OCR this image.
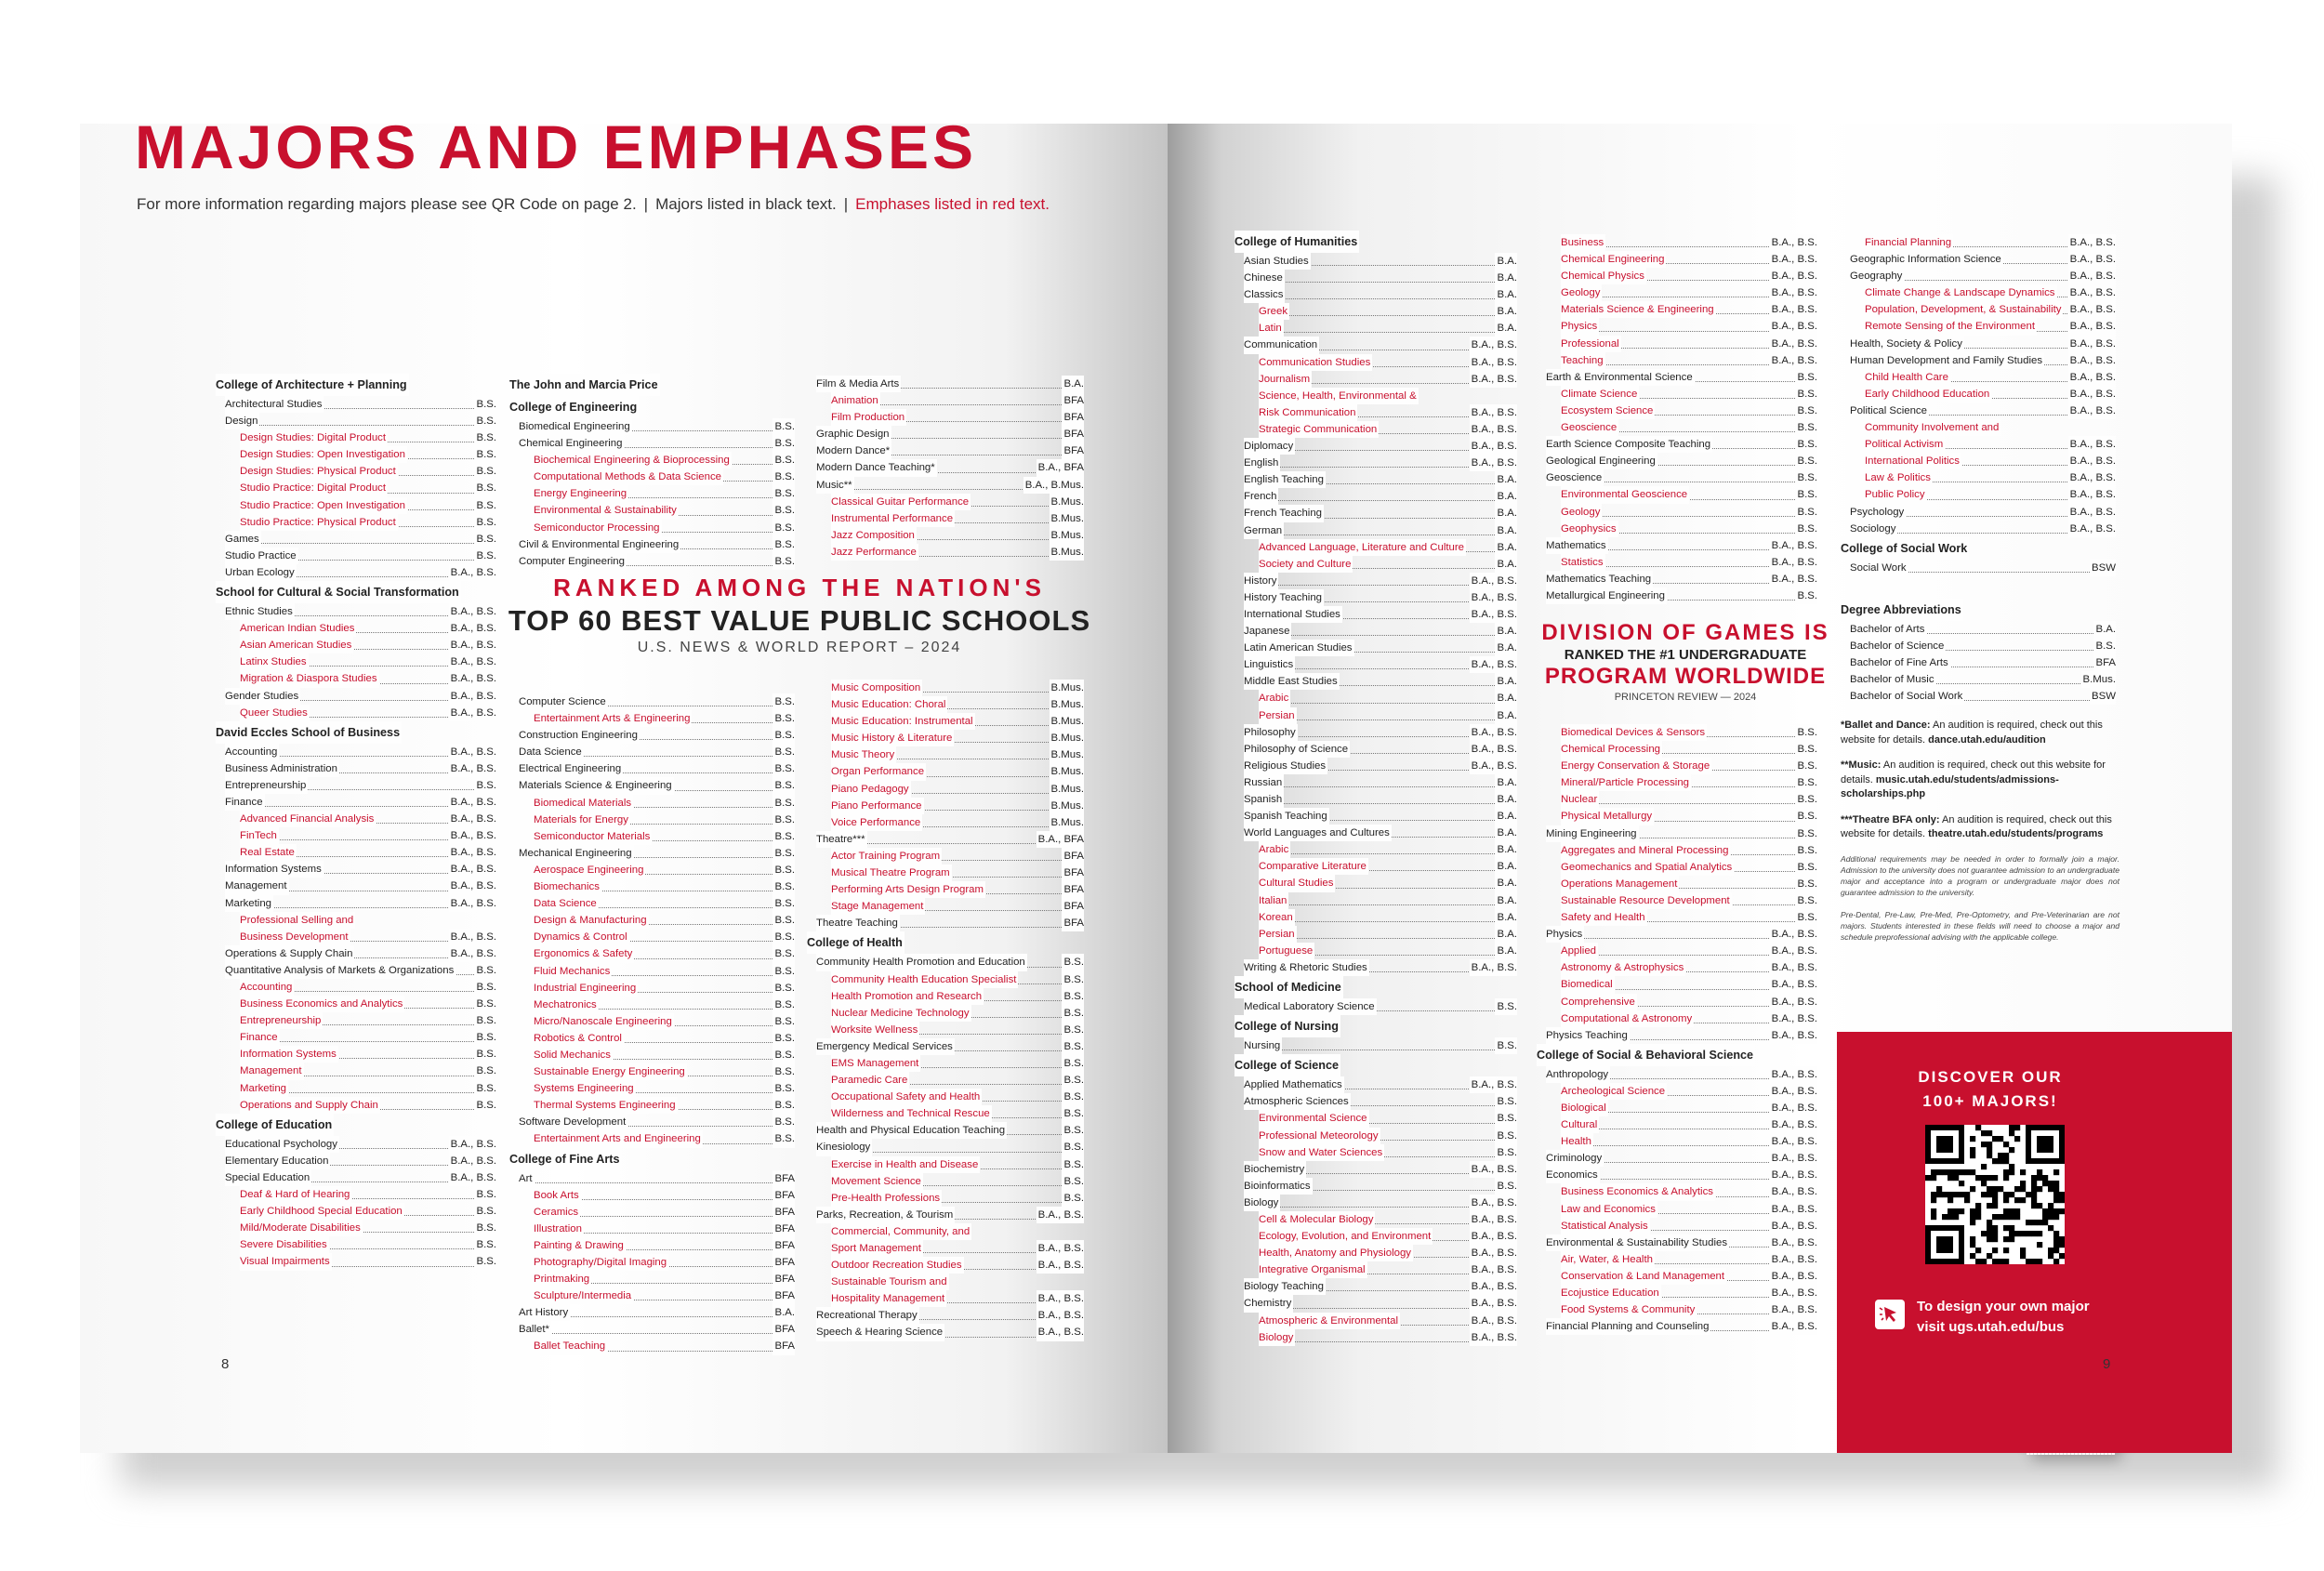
MAJORS AND EMPHASES
For more information regarding majors please see QR Code on page 2. | Majors listed in black text. | Emphases listed in red text.
College of Architecture + Planning
Architectural Studies	B.S.
Design	B.S.
Design Studies: Digital Product	B.S.
Design Studies: Open Investigation	B.S.
Design Studies: Physical Product	B.S.
Studio Practice: Digital Product	B.S.
Studio Practice: Open Investigation	B.S.
Studio Practice: Physical Product	B.S.
Games	B.S.
Studio Practice	B.S.
Urban Ecology	B.A., B.S.
School for Cultural & Social Transformation
Ethnic Studies	B.A., B.S.
American Indian Studies	B.A., B.S.
Asian American Studies	B.A., B.S.
Latinx Studies	B.A., B.S.
Migration & Diaspora Studies	B.A., B.S.
Gender Studies	B.A., B.S.
Queer Studies	B.A., B.S.
David Eccles School of Business
Accounting	B.A., B.S.
Business Administration	B.A., B.S.
Entrepreneurship	B.S.
Finance	B.A., B.S.
Advanced Financial Analysis	B.A., B.S.
FinTech	B.A., B.S.
Real Estate	B.A., B.S.
Information Systems	B.A., B.S.
Management	B.A., B.S.
Marketing	B.A., B.S.
Professional Selling and
Business Development	B.A., B.S.
Operations & Supply Chain	B.A., B.S.
Quantitative Analysis of Markets & Organizations B.S.
Accounting	B.S.
Business Economics and Analytics	B.S.
Entrepreneurship	B.S.
Finance	B.S.
Information Systems	B.S.
Management	B.S.
Marketing	B.S.
Operations and Supply Chain	B.S.
College of Education
Educational Psychology	B.A., B.S.
Elementary Education	B.A., B.S.
Special Education	B.A., B.S.
Deaf & Hard of Hearing	B.S.
Early Childhood Special Education	B.S.
Mild/Moderate Disabilities	B.S.
Severe Disabilities	B.S.
Visual Impairments	B.S.
The John and Marcia Price
College of Engineering
Biomedical Engineering	B.S.
Chemical Engineering	B.S.
Biochemical Engineering & Bioprocessing	B.S.
Computational Methods & Data Science	B.S.
Energy Engineering	B.S.
Environmental & Sustainability	B.S.
Semiconductor Processing	B.S.
Civil & Environmental Engineering	B.S.
Computer Engineering	B.S.
Computer Science	B.S.
Entertainment Arts & Engineering	B.S.
Construction Engineering	B.S.
Data Science	B.S.
Electrical Engineering	B.S.
Materials Science & Engineering	B.S.
Biomedical Materials	B.S.
Materials for Energy	B.S.
Semiconductor Materials	B.S.
Mechanical Engineering	B.S.
Aerospace Engineering	B.S.
Biomechanics	B.S.
Data Science	B.S.
Design & Manufacturing	B.S.
Dynamics & Control	B.S.
Ergonomics & Safety	B.S.
Fluid Mechanics	B.S.
Industrial Engineering	B.S.
Mechatronics	B.S.
Micro/Nanoscale Engineering	B.S.
Robotics & Control	B.S.
Solid Mechanics	B.S.
Sustainable Energy Engineering	B.S.
Systems Engineering	B.S.
Thermal Systems Engineering	B.S.
Software Development	B.S.
Entertainment Arts and Engineering	B.S.
College of Fine Arts
Art	BFA
Book Arts	BFA
Ceramics	BFA
Illustration	BFA
Painting & Drawing	BFA
Photography/Digital Imaging	BFA
Printmaking	BFA
Sculpture/Intermedia	BFA
Art History	B.A.
Ballet*	BFA
Ballet Teaching	BFA
Film & Media Arts	B.A.
Animation	BFA
Film Production	BFA
Graphic Design	BFA
Modern Dance*	BFA
Modern Dance Teaching*	B.A., BFA
Music**	B.A., B.Mus.
Classical Guitar Performance	B.Mus.
Instrumental Performance	B.Mus.
Jazz Composition	B.Mus.
Jazz Performance	B.Mus.
Music Composition	B.Mus.
Music Education: Choral	B.Mus.
Music Education: Instrumental	B.Mus.
Music History & Literature	B.Mus.
Music Theory	B.Mus.
Organ Performance	B.Mus.
Piano Pedagogy	B.Mus.
Piano Performance	B.Mus.
Voice Performance	B.Mus.
Theatre***	B.A., BFA
Actor Training Program	BFA
Musical Theatre Program	BFA
Performing Arts Design Program	BFA
Stage Management	BFA
Theatre Teaching	BFA
College of Health
Community Health Promotion and Education	B.S.
Community Health Education Specialist	B.S.
Health Promotion and Research	B.S.
Nuclear Medicine Technology	B.S.
Worksite Wellness	B.S.
Emergency Medical Services	B.S.
EMS Management	B.S.
Paramedic Care	B.S.
Occupational Safety and Health	B.S.
Wilderness and Technical Rescue	B.S.
Health and Physical Education Teaching	B.S.
Kinesiology	B.S.
Exercise in Health and Disease	B.S.
Movement Science	B.S.
Pre-Health Professions	B.S.
Parks, Recreation, & Tourism	B.A., B.S.
Commercial, Community, and
Sport Management	B.A., B.S.
Outdoor Recreation Studies	B.A., B.S.
Sustainable Tourism and
Hospitality Management	B.A., B.S.
Recreational Therapy	B.A., B.S.
Speech & Hearing Science	B.A., B.S.
College of Humanities
Asian Studies	B.A.
Chinese	B.A.
Classics	B.A.
Greek	B.A.
Latin	B.A.
Communication	B.A., B.S.
Communication Studies	B.A., B.S.
Journalism	B.A., B.S.
Science, Health, Environmental &
Risk Communication	B.A., B.S.
Strategic Communication	B.A., B.S.
Diplomacy	B.A., B.S.
English	B.A., B.S.
English Teaching	B.A.
French	B.A.
French Teaching	B.A.
German	B.A.
Advanced Language, Literature and Culture	B.A.
Society and Culture	B.A.
History	B.A., B.S.
History Teaching	B.A., B.S.
International Studies	B.A., B.S.
Japanese	B.A.
Latin American Studies	B.A.
Linguistics	B.A., B.S.
Middle East Studies	B.A.
Arabic	B.A.
Persian	B.A.
Philosophy	B.A., B.S.
Philosophy of Science	B.A., B.S.
Religious Studies	B.A., B.S.
Russian	B.A.
Spanish	B.A.
Spanish Teaching	B.A.
World Languages and Cultures	B.A.
Arabic	B.A.
Comparative Literature	B.A.
Cultural Studies	B.A.
Italian	B.A.
Korean	B.A.
Persian	B.A.
Portuguese	B.A.
Writing & Rhetoric Studies	B.A., B.S.
School of Medicine
Medical Laboratory Science	B.S.
College of Nursing
Nursing	B.S.
College of Science
Applied Mathematics	B.A., B.S.
Atmospheric Sciences	B.S.
Environmental Science	B.S.
Professional Meteorology	B.S.
Snow and Water Sciences	B.S.
Biochemistry	B.A., B.S.
Bioinformatics	B.S.
Biology	B.A., B.S.
Cell & Molecular Biology	B.A., B.S.
Ecology, Evolution, and Environment	B.A., B.S.
Health, Anatomy and Physiology	B.A., B.S.
Integrative Organismal	B.A., B.S.
Biology Teaching	B.A., B.S.
Chemistry	B.A., B.S.
Atmospheric & Environmental	B.A., B.S.
Biology	B.A., B.S.
Business	B.A., B.S.
Chemical Engineering	B.A., B.S.
Chemical Physics	B.A., B.S.
Geology	B.A., B.S.
Materials Science & Engineering	B.A., B.S.
Physics	B.A., B.S.
Professional	B.A., B.S.
Teaching	B.A., B.S.
Earth & Environmental Science	B.S.
Climate Science	B.S.
Ecosystem Science	B.S.
Geoscience	B.S.
Earth Science Composite Teaching	B.S.
Geological Engineering	B.S.
Geoscience	B.S.
Environmental Geoscience	B.S.
Geology	B.S.
Geophysics	B.S.
Mathematics	B.A., B.S.
Statistics	B.A., B.S.
Mathematics Teaching	B.A., B.S.
Metallurgical Engineering	B.S.
Biomedical Devices & Sensors	B.S.
Chemical Processing	B.S.
Energy Conservation & Storage	B.S.
Mineral/Particle Processing	B.S.
Nuclear	B.S.
Physical Metallurgy	B.S.
Mining Engineering	B.S.
Aggregates and Mineral Processing	B.S.
Geomechanics and Spatial Analytics	B.S.
Operations Management	B.S.
Sustainable Resource Development	B.S.
Safety and Health	B.S.
Physics	B.A., B.S.
Applied	B.A., B.S.
Astronomy & Astrophysics	B.A., B.S.
Biomedical	B.A., B.S.
Comprehensive	B.A., B.S.
Computational & Astronomy	B.A., B.S.
Physics Teaching	B.A., B.S.
College of Social & Behavioral Science
Anthropology	B.A., B.S.
Archeological Science	B.A., B.S.
Biological	B.A., B.S.
Cultural	B.A., B.S.
Health	B.A., B.S.
Criminology	B.A., B.S.
Economics	B.A., B.S.
Business Economics & Analytics	B.A., B.S.
Law and Economics	B.A., B.S.
Statistical Analysis	B.A., B.S.
Environmental & Sustainability Studies	B.A., B.S.
Air, Water, & Health	B.A., B.S.
Conservation & Land Management	B.A., B.S.
Ecojustice Education	B.A., B.S.
Food Systems & Community	B.A., B.S.
Financial Planning and Counseling	B.A., B.S.
Financial Planning	B.A., B.S.
Geographic Information Science	B.A., B.S.
Geography	B.A., B.S.
Climate Change & Landscape Dynamics B.A., B.S.
Population, Development, & Sustainability B.A., B.S.
Remote Sensing of the Environment	B.A., B.S.
Health, Society & Policy	B.A., B.S.
Human Development and Family Studies	B.A., B.S.
Child Health Care	B.A., B.S.
Early Childhood Education	B.A., B.S.
Political Science	B.A., B.S.
Community Involvement and
Political Activism	B.A., B.S.
International Politics	B.A., B.S.
Law & Politics	B.A., B.S.
Public Policy	B.A., B.S.
Psychology	B.A., B.S.
Sociology	B.A., B.S.
College of Social Work
Social Work	BSW
Degree Abbreviations
Bachelor of Arts	B.A.
Bachelor of Science	B.S.
Bachelor of Fine Arts	BFA
Bachelor of Music	B.Mus.
Bachelor of Social Work	BSW
RANKED AMONG THE NATION'S
TOP 60 BEST VALUE PUBLIC SCHOOLS
U.S. NEWS & WORLD REPORT – 2024
DIVISION OF GAMES IS
RANKED THE #1 UNDERGRADUATE
PROGRAM WORLDWIDE
PRINCETON REVIEW — 2024

*Ballet and Dance: An audition is required, check out this website for details. dance.utah.edu/audition

**Music: An audition is required, check out this website for details. music.utah.edu/students/admissions-scholarships.php

***Theatre BFA only: An audition is required, check out this website for details. theatre.utah.edu/students/programs

Additional requirements may be needed in order to formally join a major. Admission to the university does not guarantee admission to an undergraduate major and acceptance into a program or undergraduate major does not guarantee admission to the university.

Pre-Dental, Pre-Law, Pre-Med, Pre-Optometry, and Pre-Veterinarian are not majors. Students interested in these fields will need to choose a major and schedule preprofessional advising with the applicable college.

DISCOVER OUR
100+ MAJORS!
To design your own major
visit ugs.utah.edu/bus
8	9
